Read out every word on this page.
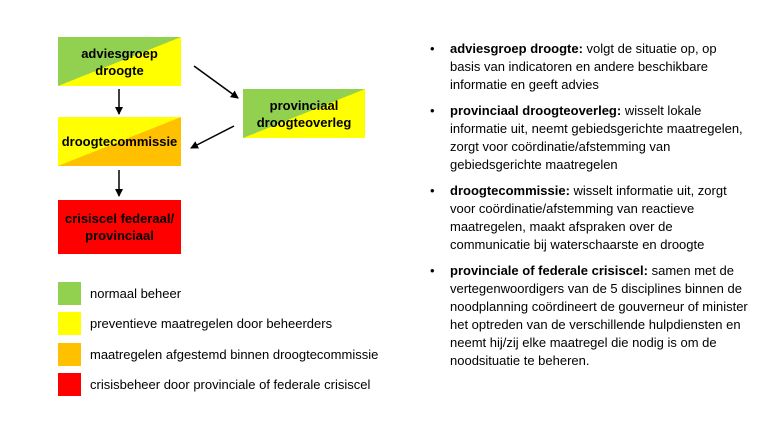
adviesgroep
droogte
provinciaal
droogteoverleg
droogtecommissie
crisiscel federaal/
provinciaal
normaal beheer
preventieve maatregelen door beheerders
maatregelen afgestemd binnen droogtecommissie
crisisbeheer door provinciale of federale crisiscel
• adviesgroep droogte: volgt de situatie op, op basis van indicatoren en andere beschikbare informatie en geeft advies
• provinciaal droogteoverleg: wisselt lokale informatie uit, neemt gebiedsgerichte maatregelen, zorgt voor coördinatie/afstemming van gebiedsgerichte maatregelen
• droogtecommissie: wisselt informatie uit, zorgt voor coördinatie/afstemming van reactieve maatregelen, maakt afspraken over de communicatie bij waterschaarste en droogte
• provinciale of federale crisiscel: samen met de vertegenwoordigers van de 5 disciplines binnen de noodplanning coördineert de gouverneur of minister het optreden van de verschillende hulpdiensten en neemt hij/zij elke maatregel die nodig is om de noodsituatie te beheren.
